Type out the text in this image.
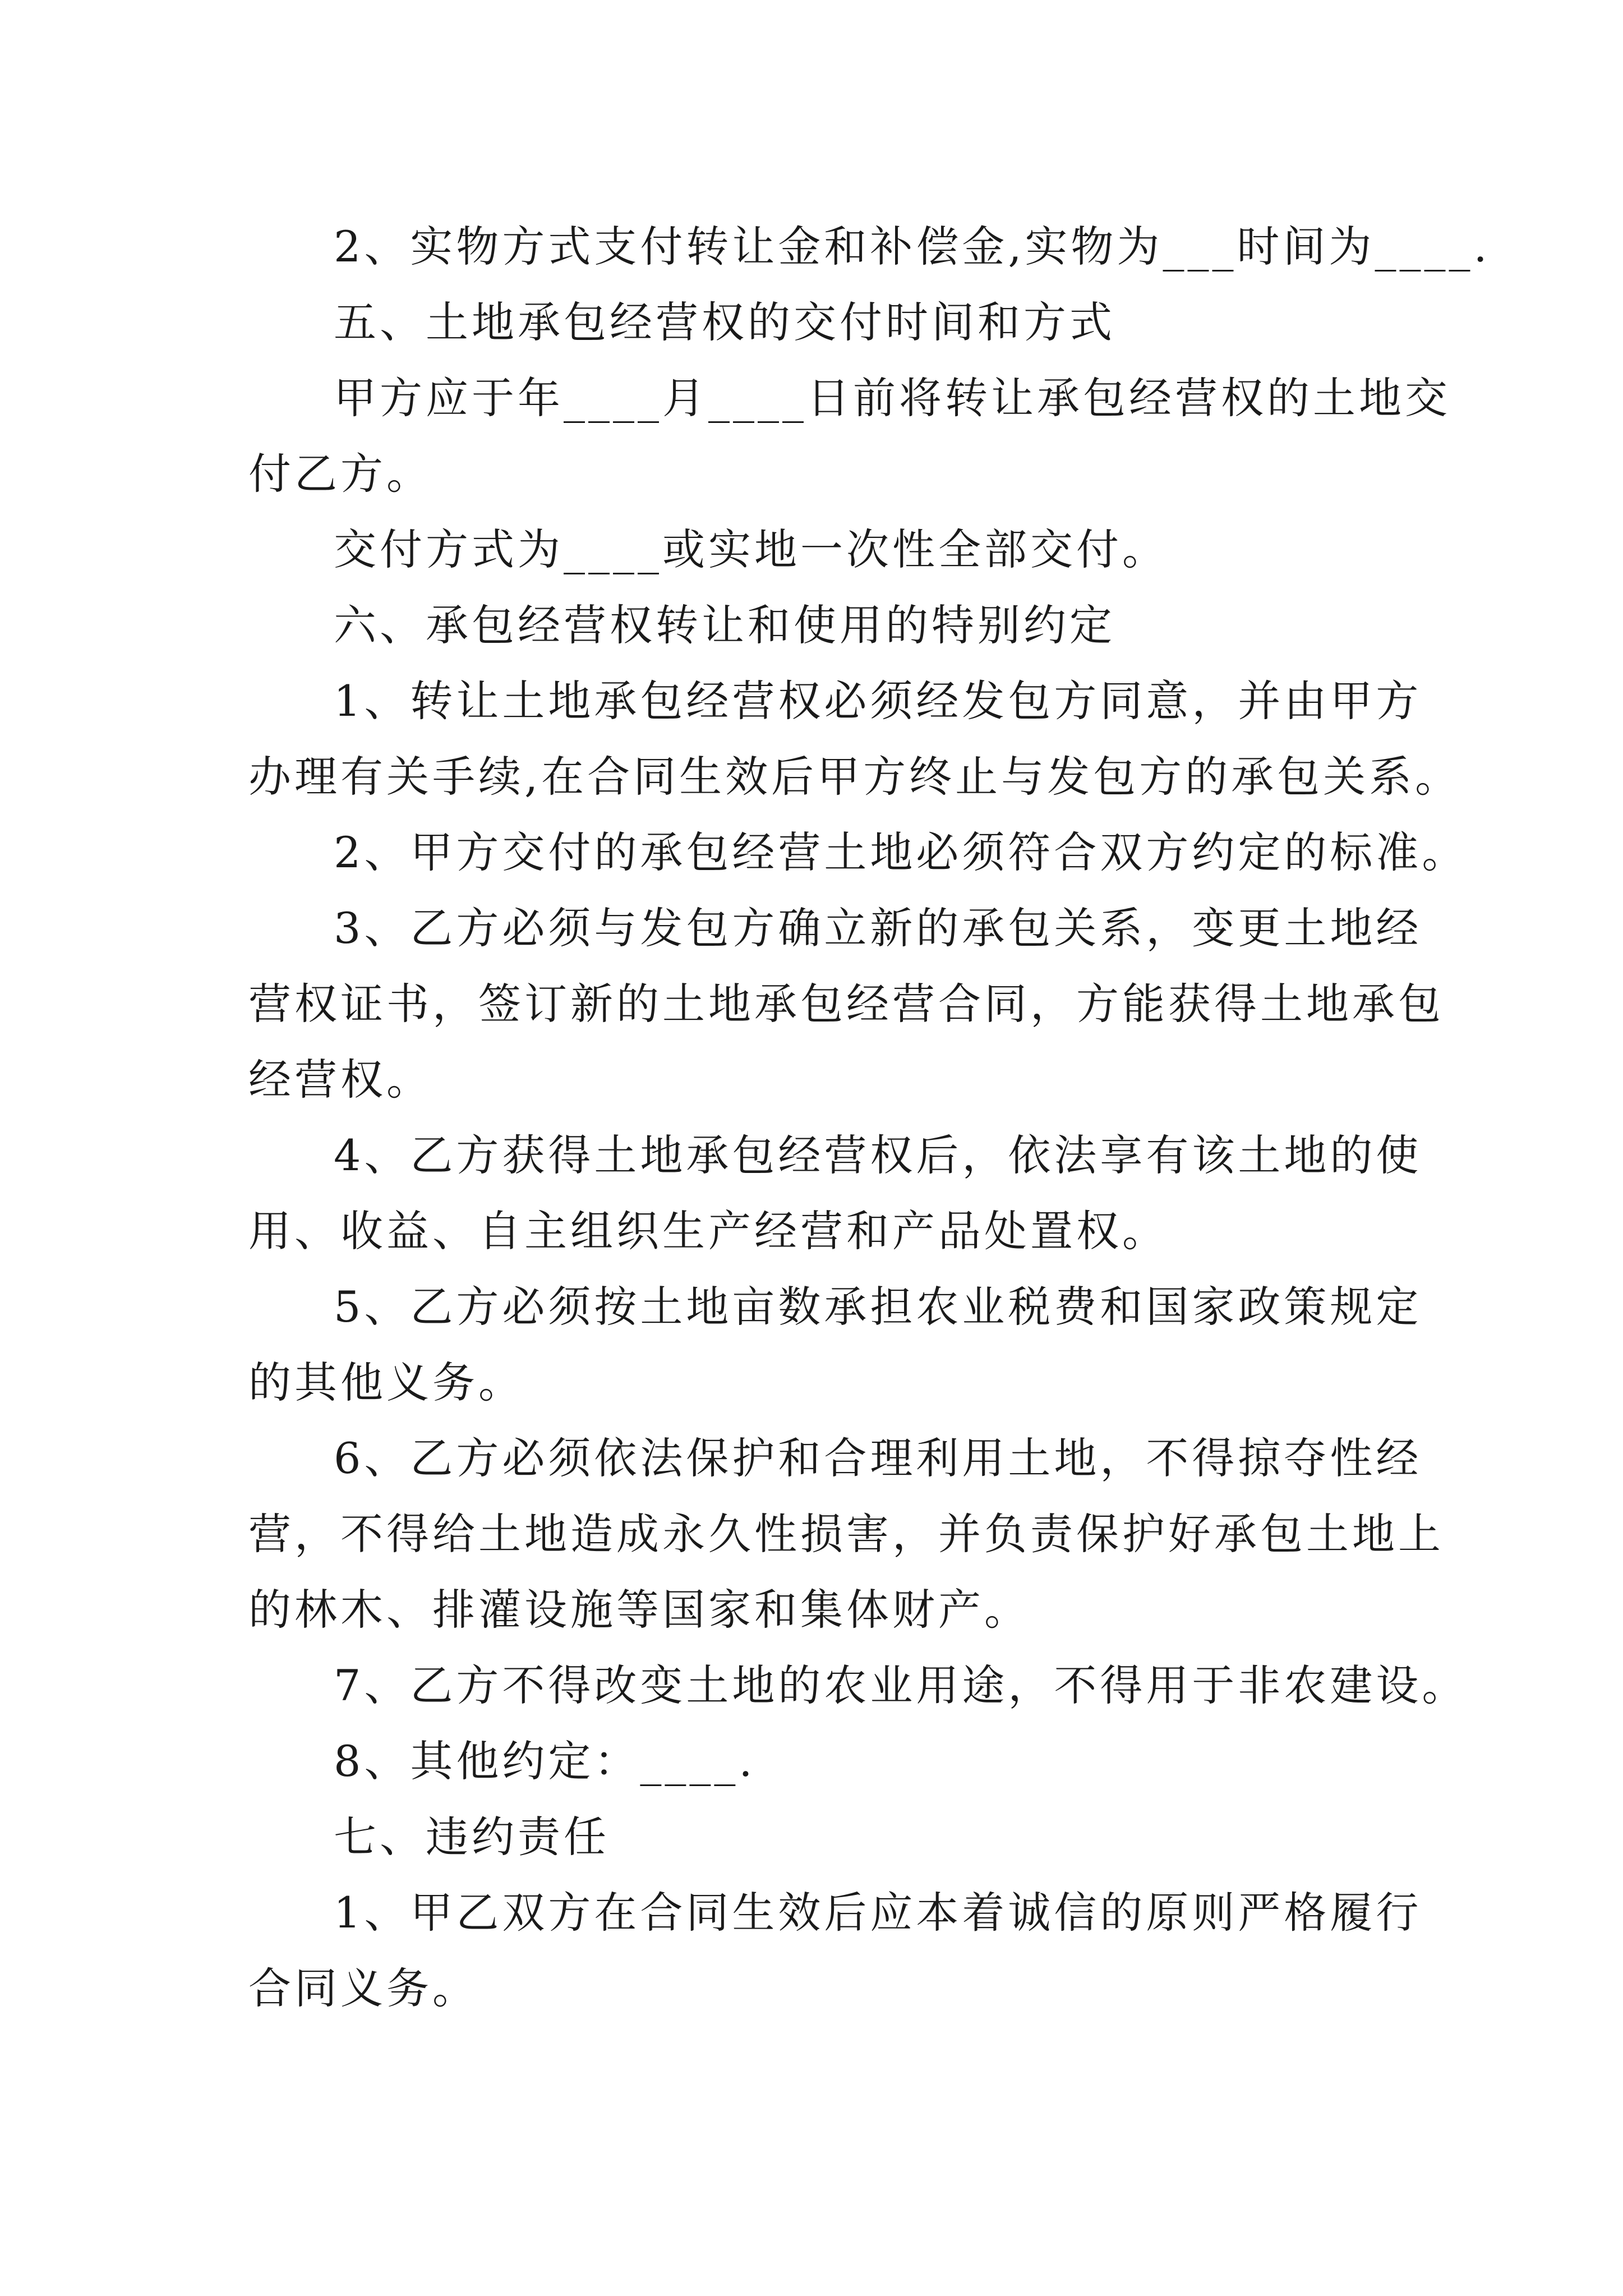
2、实物方式支付转让金和补偿金,实物为___时间为____.
五、土地承包经营权的交付时间和方式
甲方应于年____月____日前将转让承包经营权的土地交
付乙方。
交付方式为____或实地一次性全部交付。
六、承包经营权转让和使用的特别约定
1、转让土地承包经营权必须经发包方同意，并由甲方
办理有关手续,在合同生效后甲方终止与发包方的承包关系。
2、甲方交付的承包经营土地必须符合双方约定的标准。
3、乙方必须与发包方确立新的承包关系，变更土地经
营权证书，签订新的土地承包经营合同，方能获得土地承包
经营权。
4、乙方获得土地承包经营权后，依法享有该土地的使
用、收益、自主组织生产经营和产品处置权。
5、乙方必须按土地亩数承担农业税费和国家政策规定
的其他义务。
6、乙方必须依法保护和合理利用土地，不得掠夺性经
营，不得给土地造成永久性损害，并负责保护好承包土地上
的林木、排灌设施等国家和集体财产。
7、乙方不得改变土地的农业用途，不得用于非农建设。
8、其他约定：____.
七、违约责任
1、甲乙双方在合同生效后应本着诚信的原则严格履行
合同义务。
